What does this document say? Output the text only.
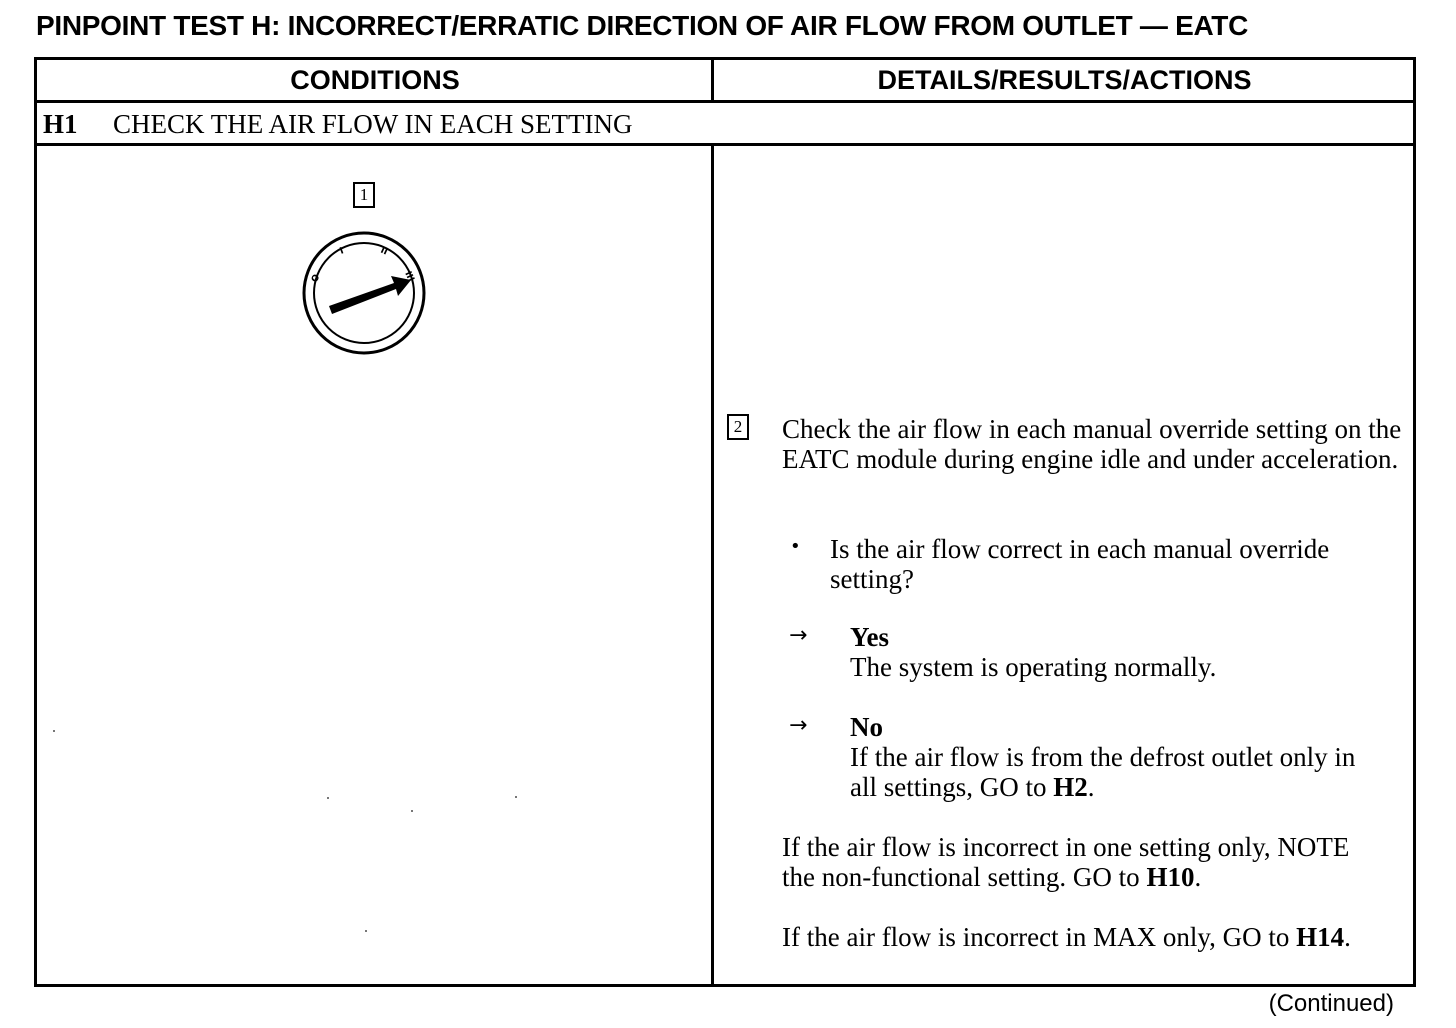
PINPOINT TEST H: INCORRECT/ERRATIC DIRECTION OF AIR FLOW FROM OUTLET — EATC
CONDITIONS	DETAILS/RESULTS/ACTIONS
H1	CHECK THE AIR FLOW IN EACH SETTING
1
O
I	II
III
2 Check the air flow in each manual override setting on the EATC module during engine idle and under acceleration.
• Is the air flow correct in each manual override setting?
→ Yes
The system is operating normally.
→ No
If the air flow is from the defrost outlet only in all settings, GO to H2.
If the air flow is incorrect in one setting only, NOTE the non-functional setting. GO to H10.
If the air flow is incorrect in MAX only, GO to H14.
(Continued)
